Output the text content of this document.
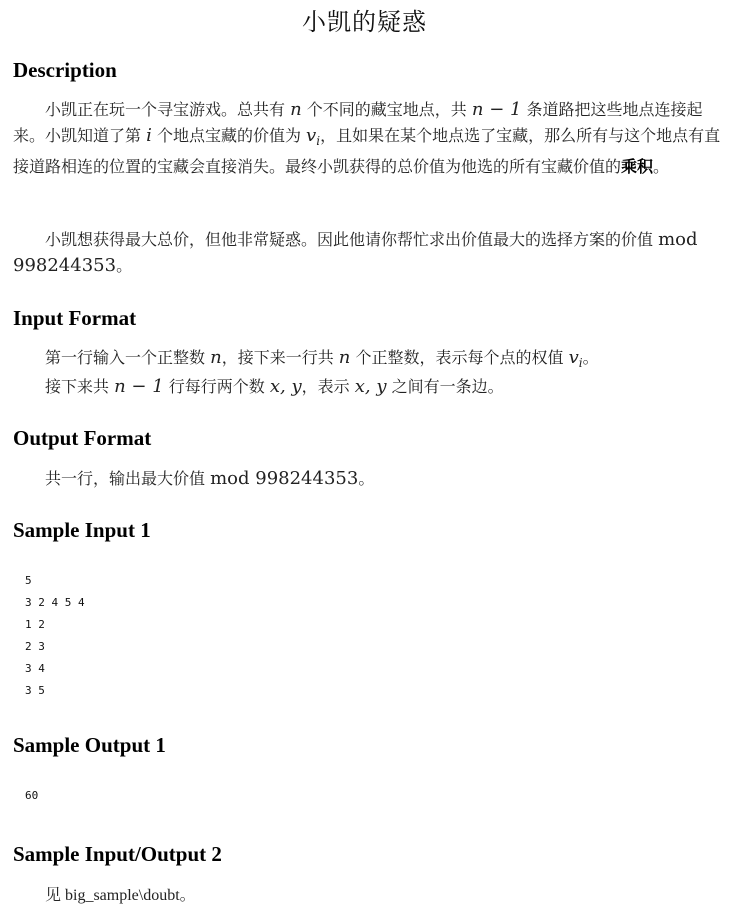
小凯的疑惑
Description

小凯正在玩一个寻宝游戏。总共有 n 个不同的藏宝地点，共 n − 1 条道路把这些地点连接起来。小凯知道了第 i 个地点宝藏的价值为 $v_i$，且如果在某个地点选了宝藏，那么所有与这个地点有直接道路相连的位置的宝藏会直接消失。最终小凯获得的总价值为他选的所有宝藏价值的乘积。

小凯想获得最大总价，但他非常疑惑。因此他请你帮忙求出价值最大的选择方案的价值 mod 998244353。

Input Format

第一行输入一个正整数 n，接下来一行共 n 个正整数，表示每个点的权值 $v_i$。

接下来共 n − 1 行每行两个数 x, y，表示 x, y 之间有一条边。

Output Format

共一行，输出最大价值 mod 998244353。

Sample Input 1
5
3 2 4 5 4
1 2
2 3
3 4
3 5
Sample Output 1
60
Sample Input/Output 2

见 big_sample\doubt。
